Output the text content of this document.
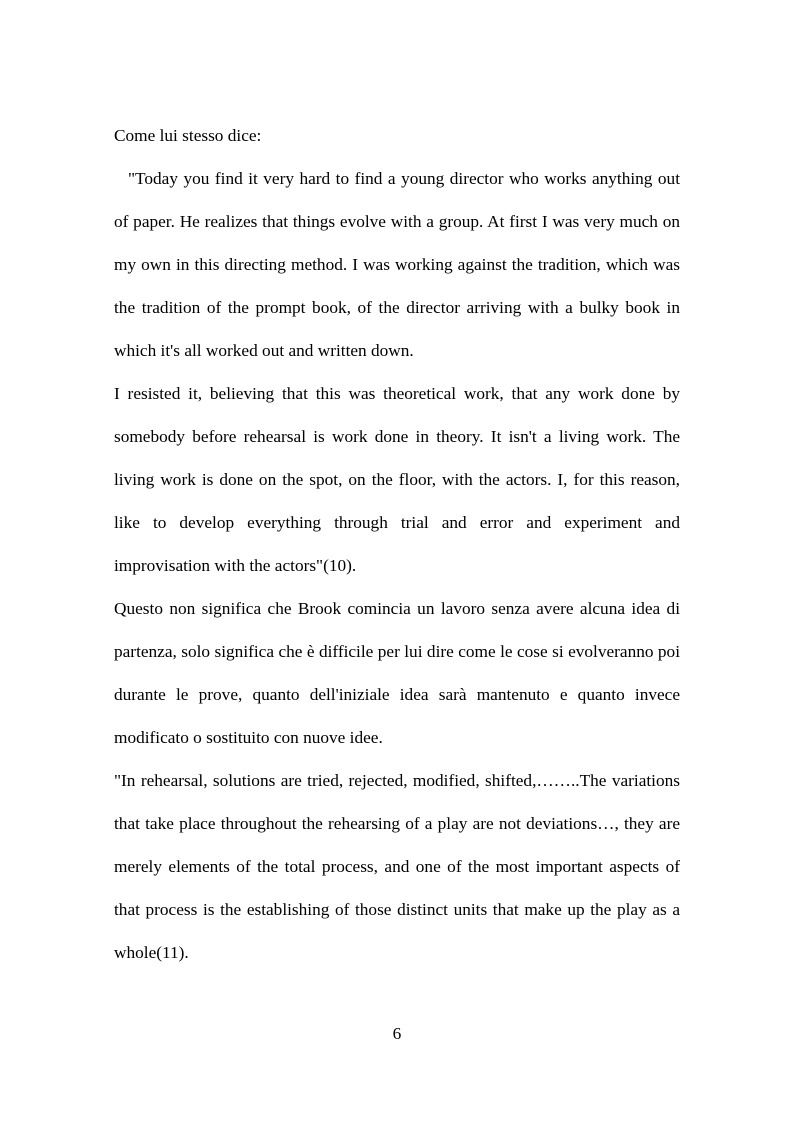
Come lui stesso dice:

"Today you find it very hard to find a young director who works anything out of paper. He realizes that things evolve with a group. At first I was very much on my own in this directing method. I was working against the tradition, which was the tradition of the prompt book, of the director arriving with a bulky book in which it's all worked out and written down.

I resisted it, believing that this was theoretical work, that any work done by somebody before rehearsal is work done in theory. It isn't a living work. The living work is done on the spot, on the floor, with the actors. I, for this reason, like to develop everything through trial and error and experiment and improvisation with the actors"(10).

Questo non significa che Brook comincia un lavoro senza avere alcuna idea di partenza, solo significa che è difficile per lui dire come le cose si evolveranno poi durante le prove, quanto dell'iniziale idea sarà mantenuto e quanto invece modificato o sostituito con nuove idee.

"In rehearsal, solutions are tried, rejected, modified, shifted,……..The variations that take place throughout the rehearsing of a play are not deviations…, they are merely elements of the total process, and one of the most important aspects of that process is the establishing of those distinct units that make up the play as a whole(11).

6
